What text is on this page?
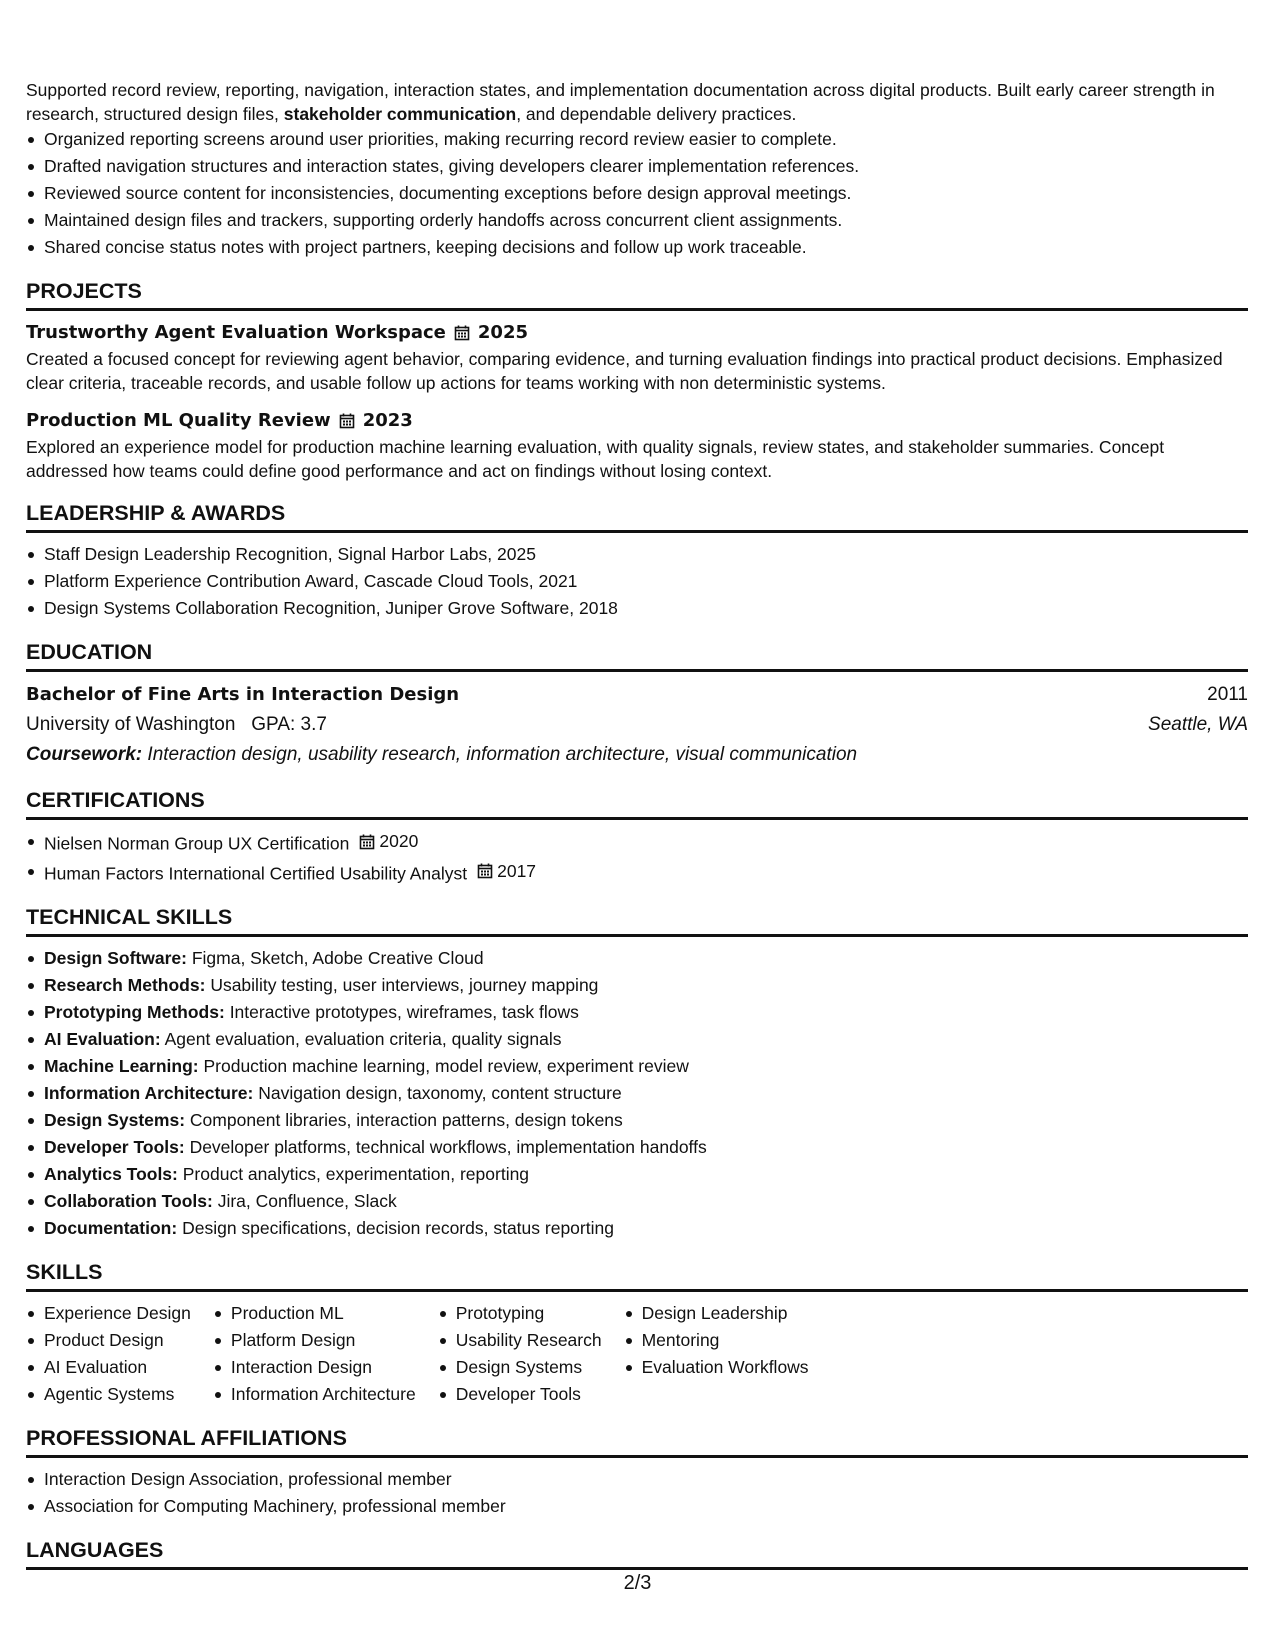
Supported record review, reporting, navigation, interaction states, and implementation documentation across digital products. Built early career strength in research, structured design files, stakeholder communication, and dependable delivery practices.

Organized reporting screens around user priorities, making recurring record review easier to complete.
Drafted navigation structures and interaction states, giving developers clearer implementation references.
Reviewed source content for inconsistencies, documenting exceptions before design approval meetings.
Maintained design files and trackers, supporting orderly handoffs across concurrent client assignments.
Shared concise status notes with project partners, keeping decisions and follow up work traceable.
PROJECTS
Trustworthy Agent Evaluation Workspace 2025

Created a focused concept for reviewing agent behavior, comparing evidence, and turning evaluation findings into practical product decisions. Emphasized clear criteria, traceable records, and usable follow up actions for teams working with non deterministic systems.

Production ML Quality Review 2023

Explored an experience model for production machine learning evaluation, with quality signals, review states, and stakeholder summaries. Concept addressed how teams could define good performance and act on findings without losing context.

LEADERSHIP & AWARDS
Staff Design Leadership Recognition, Signal Harbor Labs, 2025
Platform Experience Contribution Award, Cascade Cloud Tools, 2021
Design Systems Collaboration Recognition, Juniper Grove Software, 2018
EDUCATION
Bachelor of Fine Arts in Interaction Design	2011
University of Washington GPA: 3.7	Seattle, WA
Coursework: Interaction design, usability research, information architecture, visual communication
CERTIFICATIONS
Nielsen Norman Group UX Certification 2020
Human Factors International Certified Usability Analyst 2017
TECHNICAL SKILLS
Design Software: Figma, Sketch, Adobe Creative Cloud
Research Methods: Usability testing, user interviews, journey mapping
Prototyping Methods: Interactive prototypes, wireframes, task flows
AI Evaluation: Agent evaluation, evaluation criteria, quality signals
Machine Learning: Production machine learning, model review, experiment review
Information Architecture: Navigation design, taxonomy, content structure
Design Systems: Component libraries, interaction patterns, design tokens
Developer Tools: Developer platforms, technical workflows, implementation handoffs
Analytics Tools: Product analytics, experimentation, reporting
Collaboration Tools: Jira, Confluence, Slack
Documentation: Design specifications, decision records, status reporting
SKILLS
Experience Design
Product Design
AI Evaluation
Agentic Systems
Production ML
Platform Design
Interaction Design
Information Architecture
Prototyping
Usability Research
Design Systems
Developer Tools
Design Leadership
Mentoring
Evaluation Workflows
PROFESSIONAL AFFILIATIONS
Interaction Design Association, professional member
Association for Computing Machinery, professional member
LANGUAGES
2/3
